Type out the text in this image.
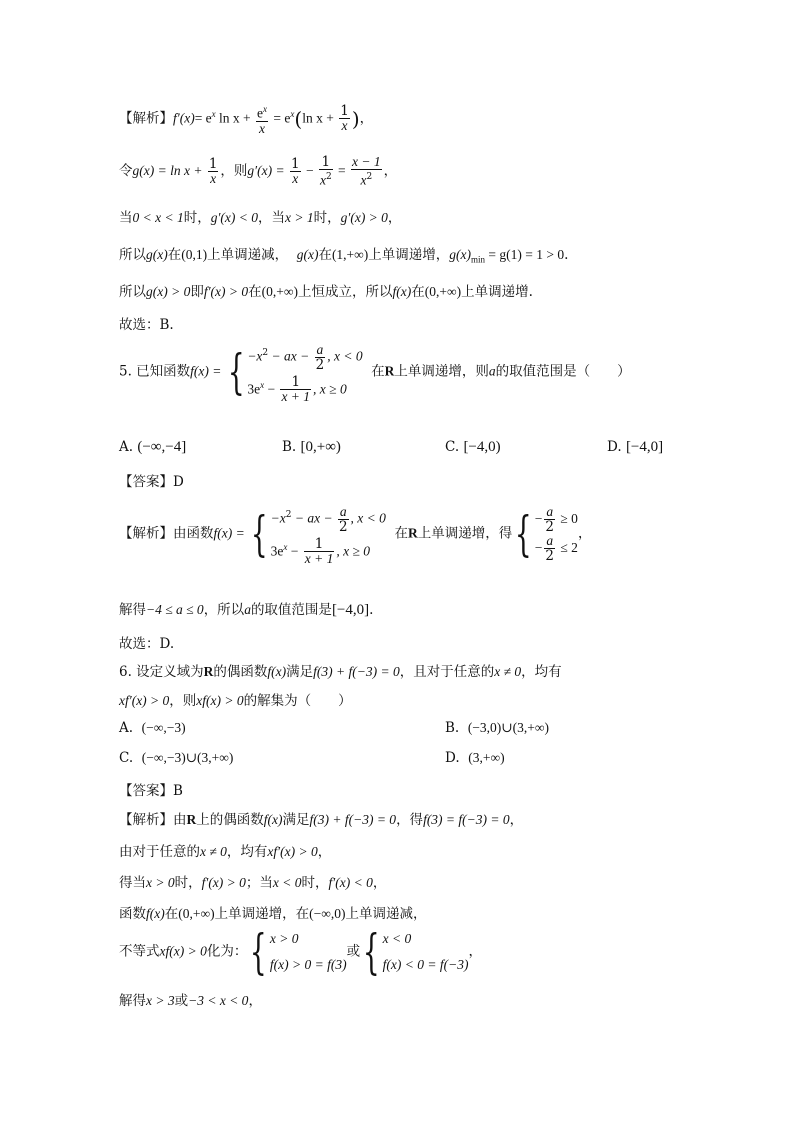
【解析】$f'(x)= e^x$ $\ln x + \frac{e^x}{x} = e^x(\ln$ $x + \frac{1}{x}$ )，
令$g(x) = \ln x + \frac{1}{x}$ ，则$g'(x) = \frac{1}{x} - \frac{1}{x^2} = \frac{x - 1}{x^2}$ ，
当0 < x < 1时，g′(x) < 0，当x > 1时，g′(x) > 0，
所以g(x)在(0,1)上单调递减， g(x)在(1,+∞)上单调递增，$g(x)_{min} = g(1) = 1 > 0$.
所以g(x) > 0即f′(x) > 0在(0,+∞)上恒成立，所以f(x)在(0,+∞)上单调递增.
故选：B.
5. 已知函数f(x) = { $-x^2$ − ax − $\frac{a}{2}$ , x < 0
$3e^x - \frac{1}{x + 1}$ , x ≥ 0
在R上单调递增，则a的取值范围是（　　）
A. (−∞,−4]	B. [0,+∞)	C. [−4,0)	D. [−4,0]
【答案】D
【解析】由函数f(x) = { $-x^2$ − ax − $\frac{a}{2}$ , x < 0
$3e^x - \frac{1}{x + 1}$ , x ≥ 0
在R上单调递增，得{ − $\frac{a}{2} \ge 0$
− $\frac{a}{2} \le 2$
，
解得−4 ≤ a ≤ 0，所以a的取值范围是[−4,0].
故选：D.
6. 设定义域为R的偶函数f(x)满足f(3) + f(−3) = 0，且对于任意的x ≠ 0，均有
xf′(x) > 0，则xf(x) > 0的解集为（　　）
A. (−∞,−3)	B. (−3,0)∪(3,+∞)
C. (−∞,−3)∪(3,+∞)	D. (3,+∞)
【答案】B
【解析】由R上的偶函数f(x)满足f(3) + f(−3) = 0，得f(3) = f(−3) = 0，
由对于任意的x ≠ 0，均有xf′(x) > 0，
得当x > 0时，f′(x) > 0；当x < 0时，f′(x) < 0，
函数f(x)在(0,+∞)上单调递增，在(−∞,0)上单调递减，
不等式xf(x) > 0化为：{ x > 0
f(x) > 0 = f(3)
或{ x < 0
f(x) < 0 = f(−3)
，
解得x > 3或−3 < x < 0，
